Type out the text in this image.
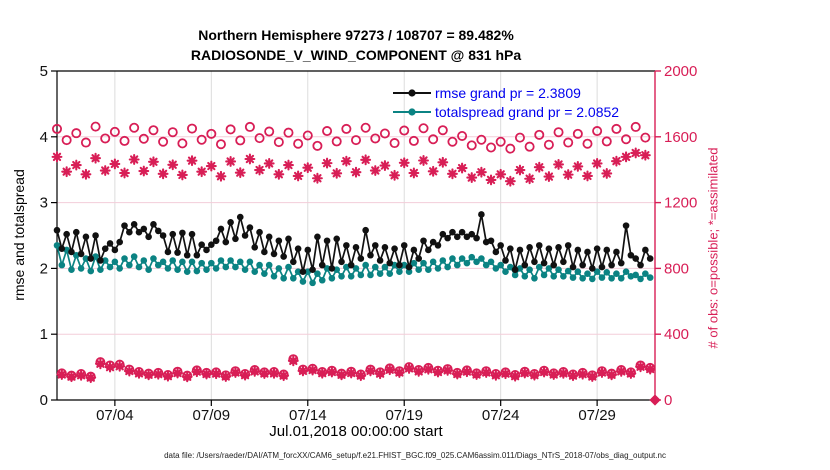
0
1
2
3
4
5
0
400
800
1200
1600
2000
07/04	07/09	07/14	07/19	07/24	07/29
Northern Hemisphere 97273 / 108707 = 89.482%
RADIOSONDE_V_WIND_COMPONENT @ 831 hPa
rmse grand pr = 2.3809
totalspread grand pr = 2.0852
rmse and totalspread	# of obs: o=possible; *=assimilated
Jul.01,2018 00:00:00 start
data file: /Users/raeder/DAI/ATM_forcXX/CAM6_setup/f.e21.FHIST_BGC.f09_025.CAM6assim.011/Diags_NTrS_2018-07/obs_diag_output.nc
